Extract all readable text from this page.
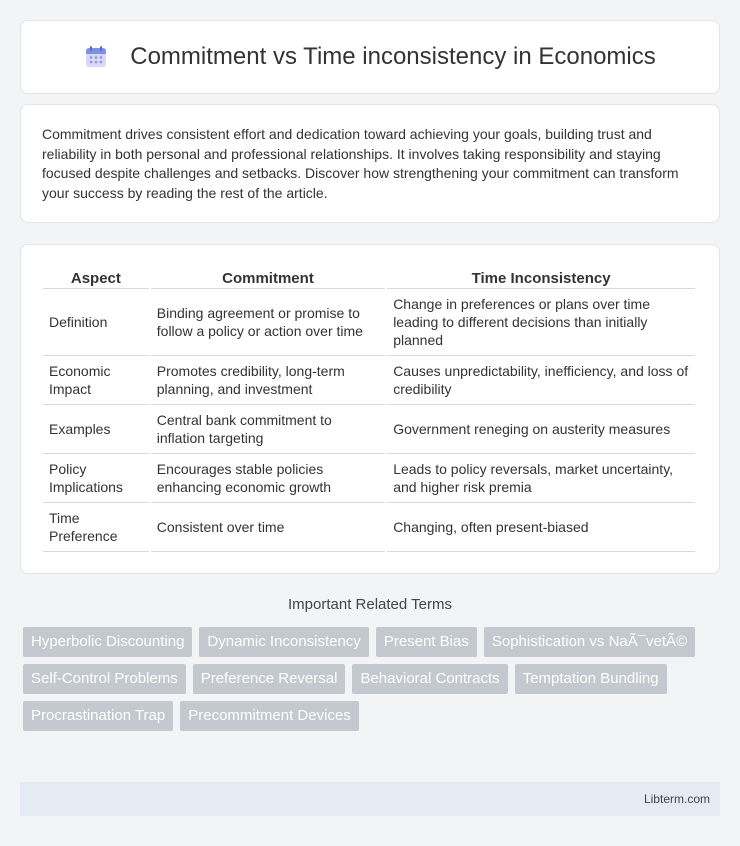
Commitment vs Time inconsistency in Economics

Commitment drives consistent effort and dedication toward achieving your goals, building trust and reliability in both personal and professional relationships. It involves taking responsibility and staying focused despite challenges and setbacks. Discover how strengthening your commitment can transform your success by reading the rest of the article.

Aspect	Commitment	Time Inconsistency
Definition	Binding agreement or promise to follow a policy or action over time	Change in preferences or plans over time leading to different decisions than initially planned
Economic Impact	Promotes credibility, long-term planning, and investment	Causes unpredictability, inefficiency, and loss of credibility
Examples	Central bank commitment to inflation targeting	Government reneging on austerity measures
Policy Implications	Encourages stable policies enhancing economic growth	Leads to policy reversals, market uncertainty, and higher risk premia
Time Preference	Consistent over time	Changing, often present-biased
Important Related Terms
Hyperbolic Discounting	Dynamic Inconsistency	Present Bias	Sophistication vs NaÃ¯vetÃ©
Self-Control Problems	Preference Reversal	Behavioral Contracts	Temptation Bundling
Procrastination Trap	Precommitment Devices
Libterm.com
